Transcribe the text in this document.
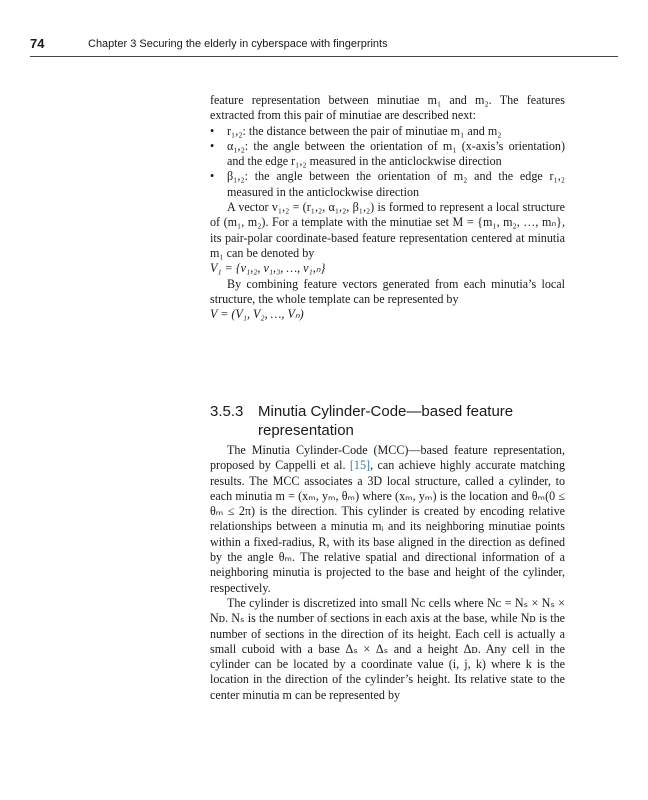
74	Chapter 3 Securing the elderly in cyberspace with fingerprints

feature representation between minutiae m₁ and m₂. The features extracted from this pair of minutiae are described next:

• r₁,₂: the distance between the pair of minutiae m₁ and m₂
• α₁,₂: the angle between the orientation of m₁ (x-axis’s orientation) and the edge r₁,₂ measured in the anticlockwise direction
• β₁,₂: the angle between the orientation of m₂ and the edge r₁,₂ measured in the anticlockwise direction

A vector v₁,₂ = (r₁,₂, α₁,₂, β₁,₂) is formed to represent a local structure of (m₁, m₂). For a template with the minutiae set M = {m₁, m₂, …, mₙ}, its pair-polar coordinate-based feature representation centered at minutia m₁ can be denoted by

V₁ = {v₁,₂, v₁,₃, …, v₁,ₙ}

By combining feature vectors generated from each minutia’s local structure, the whole template can be represented by

V = (V₁, V₂, …, Vₙ)

3.5.3 Minutia Cylinder-Code—based feature representation

The Minutia Cylinder-Code (MCC)—based feature representation, proposed by Cappelli et al. [15], can achieve highly accurate matching results. The MCC associates a 3D local structure, called a cylinder, to each minutia m = (xₘ, yₘ, θₘ) where (xₘ, yₘ) is the location and θₘ(0 ≤ θₘ ≤ 2π) is the direction. This cylinder is created by encoding relative relationships between a minutia mᵢ and its neighboring minutiae points within a fixed-radius, R, with its base aligned in the direction as defined by the angle θₘ. The relative spatial and directional information of a neighboring minutia is projected to the base and height of the cylinder, respectively.

The cylinder is discretized into small Nᴄ cells where Nᴄ = Nₛ × Nₛ × Nᴅ. Nₛ is the number of sections in each axis at the base, while Nᴅ is the number of sections in the direction of its height. Each cell is actually a small cuboid with a base Δₛ × Δₛ and a height Δᴅ. Any cell in the cylinder can be located by a coordinate value (i, j, k) where k is the location in the direction of the cylinder’s height. Its relative state to the center minutia m can be represented by
